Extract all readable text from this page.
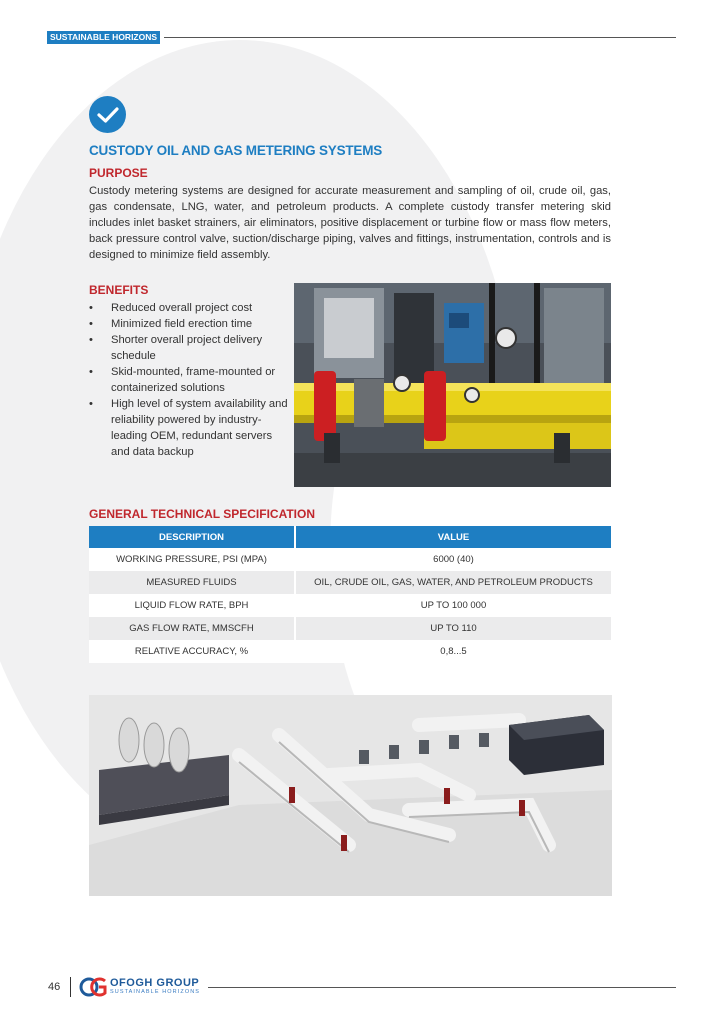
SUSTAINABLE HORIZONS
CUSTODY OIL AND GAS METERING SYSTEMS
PURPOSE
Custody metering systems are designed for accurate measurement and sampling of oil, crude oil, gas, gas condensate, LNG, water, and petroleum products. A complete custody transfer metering skid includes inlet basket strainers, air eliminators, positive displacement or turbine flow or mass flow meters, back pressure control valve, suction/discharge piping, valves and fittings, instrumentation, controls and is designed to minimize field assembly.
BENEFITS
• Reduced overall project cost
• Minimized field erection time
• Shorter overall project delivery schedule
• Skid-mounted, frame-mounted or containerized solutions
• High level of system availability and reliability powered by industry-leading OEM, redundant servers and data backup
GENERAL TECHNICAL SPECIFICATION
DESCRIPTION	VALUE
WORKING PRESSURE, PSI (MPA)	6000 (40)
MEASURED FLUIDS	OIL, CRUDE OIL, GAS, WATER, AND PETROLEUM PRODUCTS
LIQUID FLOW RATE, BPH	UP TO 100 000
GAS FLOW RATE, MMSCFH	UP TO 110
RELATIVE ACCURACY, %	0,8...5
46	OFOGH GROUP
SUSTAINABLE HORIZONS
